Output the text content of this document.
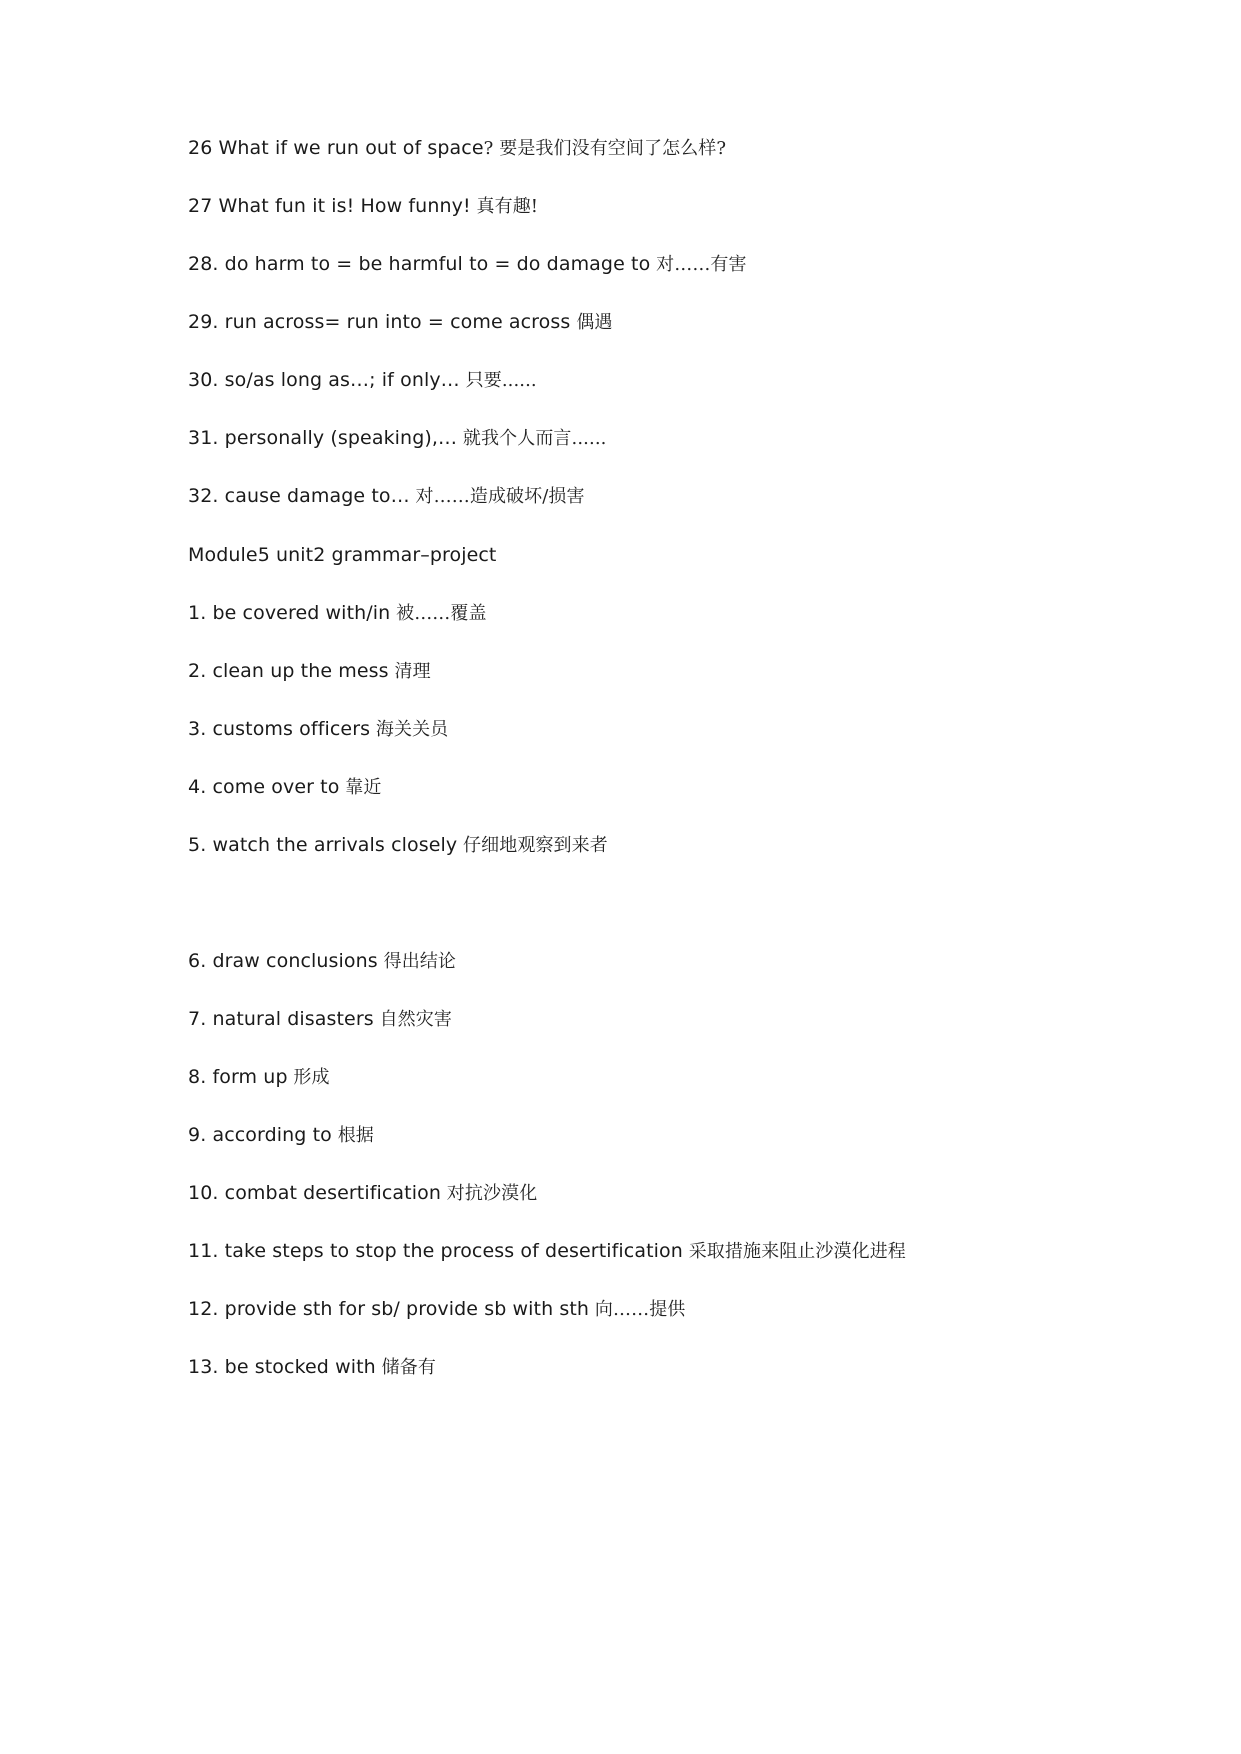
26 What if we run out of space? 要是我们没有空间了怎么样?
27 What fun it is! How funny! 真有趣!
28. do harm to = be harmful to = do damage to 对……有害
29. run across= run into = come across 偶遇
30. so/as long as…; if only… 只要......
31. personally (speaking),… 就我个人而言......
32. cause damage to… 对……造成破坏/损害
Module5 unit2 grammar–project
1. be covered with/in 被……覆盖
2. clean up the mess 清理
3. customs officers 海关关员
4. come over to 靠近
5. watch the arrivals closely 仔细地观察到来者
6. draw conclusions 得出结论
7. natural disasters 自然灾害
8. form up 形成
9. according to 根据
10. combat desertification 对抗沙漠化
11. take steps to stop the process of desertification 采取措施来阻止沙漠化进程
12. provide sth for sb/ provide sb with sth 向……提供
13. be stocked with 储备有
